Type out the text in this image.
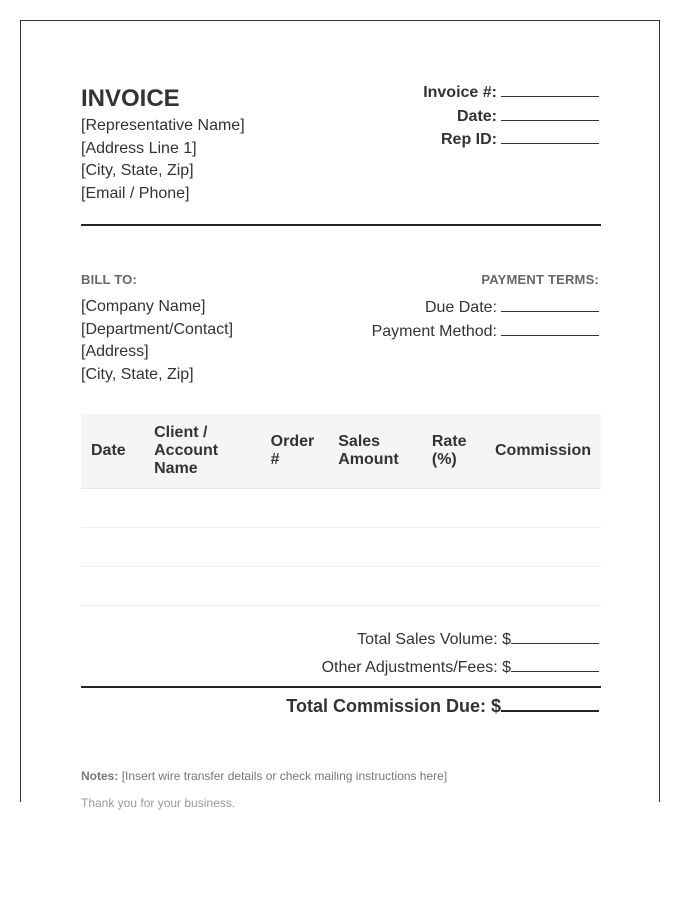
INVOICE
[Representative Name]
[Address Line 1]
[City, State, Zip]
[Email / Phone]
Invoice #:
Date:
Rep ID:
BILL TO:
[Company Name]
[Department/Contact]
[Address]
[City, State, Zip]
PAYMENT TERMS:
Due Date:
Payment Method:
Date	Client / Account Name	Order #	Sales Amount	Rate (%)	Commission

Total Sales Volume: $
Other Adjustments/Fees: $
Total Commission Due: $
Notes: [Insert wire transfer details or check mailing instructions here]
Thank you for your business.
